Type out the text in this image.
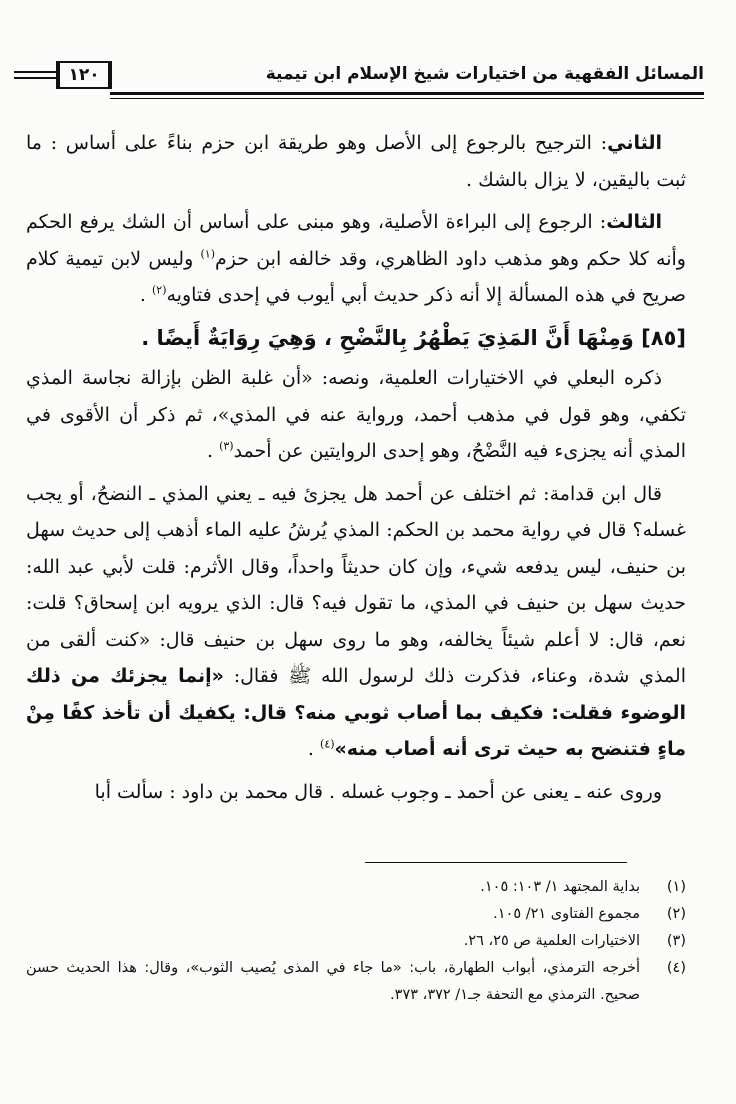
١٢٠	المسائل الفقهية من اختيارات شيخ الإسلام ابن تيمية

الثاني: الترجيح بالرجوع إلى الأصل وهو طريقة ابن حزم بناءً على أساس : ما ثبت باليقين، لا يزال بالشك .

الثالث: الرجوع إلى البراءة الأصلية، وهو مبنى على أساس أن الشك يرفع الحكم وأنه كلا حكم وهو مذهب داود الظاهري، وقد خالفه ابن حزم$^{(١)}$ وليس لابن تيمية كلام صريح في هذه المسألة إلا أنه ذكر حديث أبي أيوب في إحدى فتاويه$^{(٢)}$ .

[٨٥] وَمِنْهَا أَنَّ المَذِيَ يَطْهُرُ بِالنَّضْحِ ، وَهِيَ رِوَايَةٌ أَيضًا .

ذكره البعلي في الاختيارات العلمية، ونصه: «أن غلبة الظن بإزالة نجاسة المذي تكفي، وهو قول في مذهب أحمد، ورواية عنه في المذي»، ثم ذكر أن الأقوى في المذي أنه يجزىء فيه النَّضْحُ، وهو إحدى الروايتين عن أحمد$^{(٣)}$ .

قال ابن قدامة: ثم اختلف عن أحمد هل يجزئ فيه ـ يعني المذي ـ النضحُ، أو يجب غسله؟ قال في رواية محمد بن الحكم: المذي يُرشُ عليه الماء أذهب إلى حديث سهل بن حنيف، ليس يدفعه شيء، وإن كان حديثاً واحداً، وقال الأثرم: قلت لأبي عبد الله: حديث سهل بن حنيف في المذي، ما تقول فيه؟ قال: الذي يرويه ابن إسحاق؟ قلت: نعم، قال: لا أعلم شيئاً يخالفه، وهو ما روى سهل بن حنيف قال: «كنت ألقى من المذي شدة، وعناء، فذكرت ذلك لرسول الله ﷺ فقال: «إنما يجزئك من ذلك الوضوء فقلت: فكيف بما أصاب ثوبي منه؟ قال: يكفيك أن تأخذ كفًا مِنْ ماءٍ فتنضح به حيث ترى أنه أصاب منه»$^{(٤)}$ .

وروى عنه ـ يعنى عن أحمد ـ وجوب غسله . قال محمد بن داود : سألت أبا

(١)
بداية المجتهد ١/ ١٠٣: ١٠٥.
(٢)
مجموع الفتاوى ٢١/ ١٠٥.
(٣)
الاختيارات العلمية ص ٢٥، ٢٦.
(٤)
أخرجه الترمذي، أبواب الطهارة، باب: «ما جاء في المذى يُصيب الثوب»، وقال: هذا الحديث حسن صحيح. الترمذي مع التحفة جـ١/ ٣٧٢، ٣٧٣.
